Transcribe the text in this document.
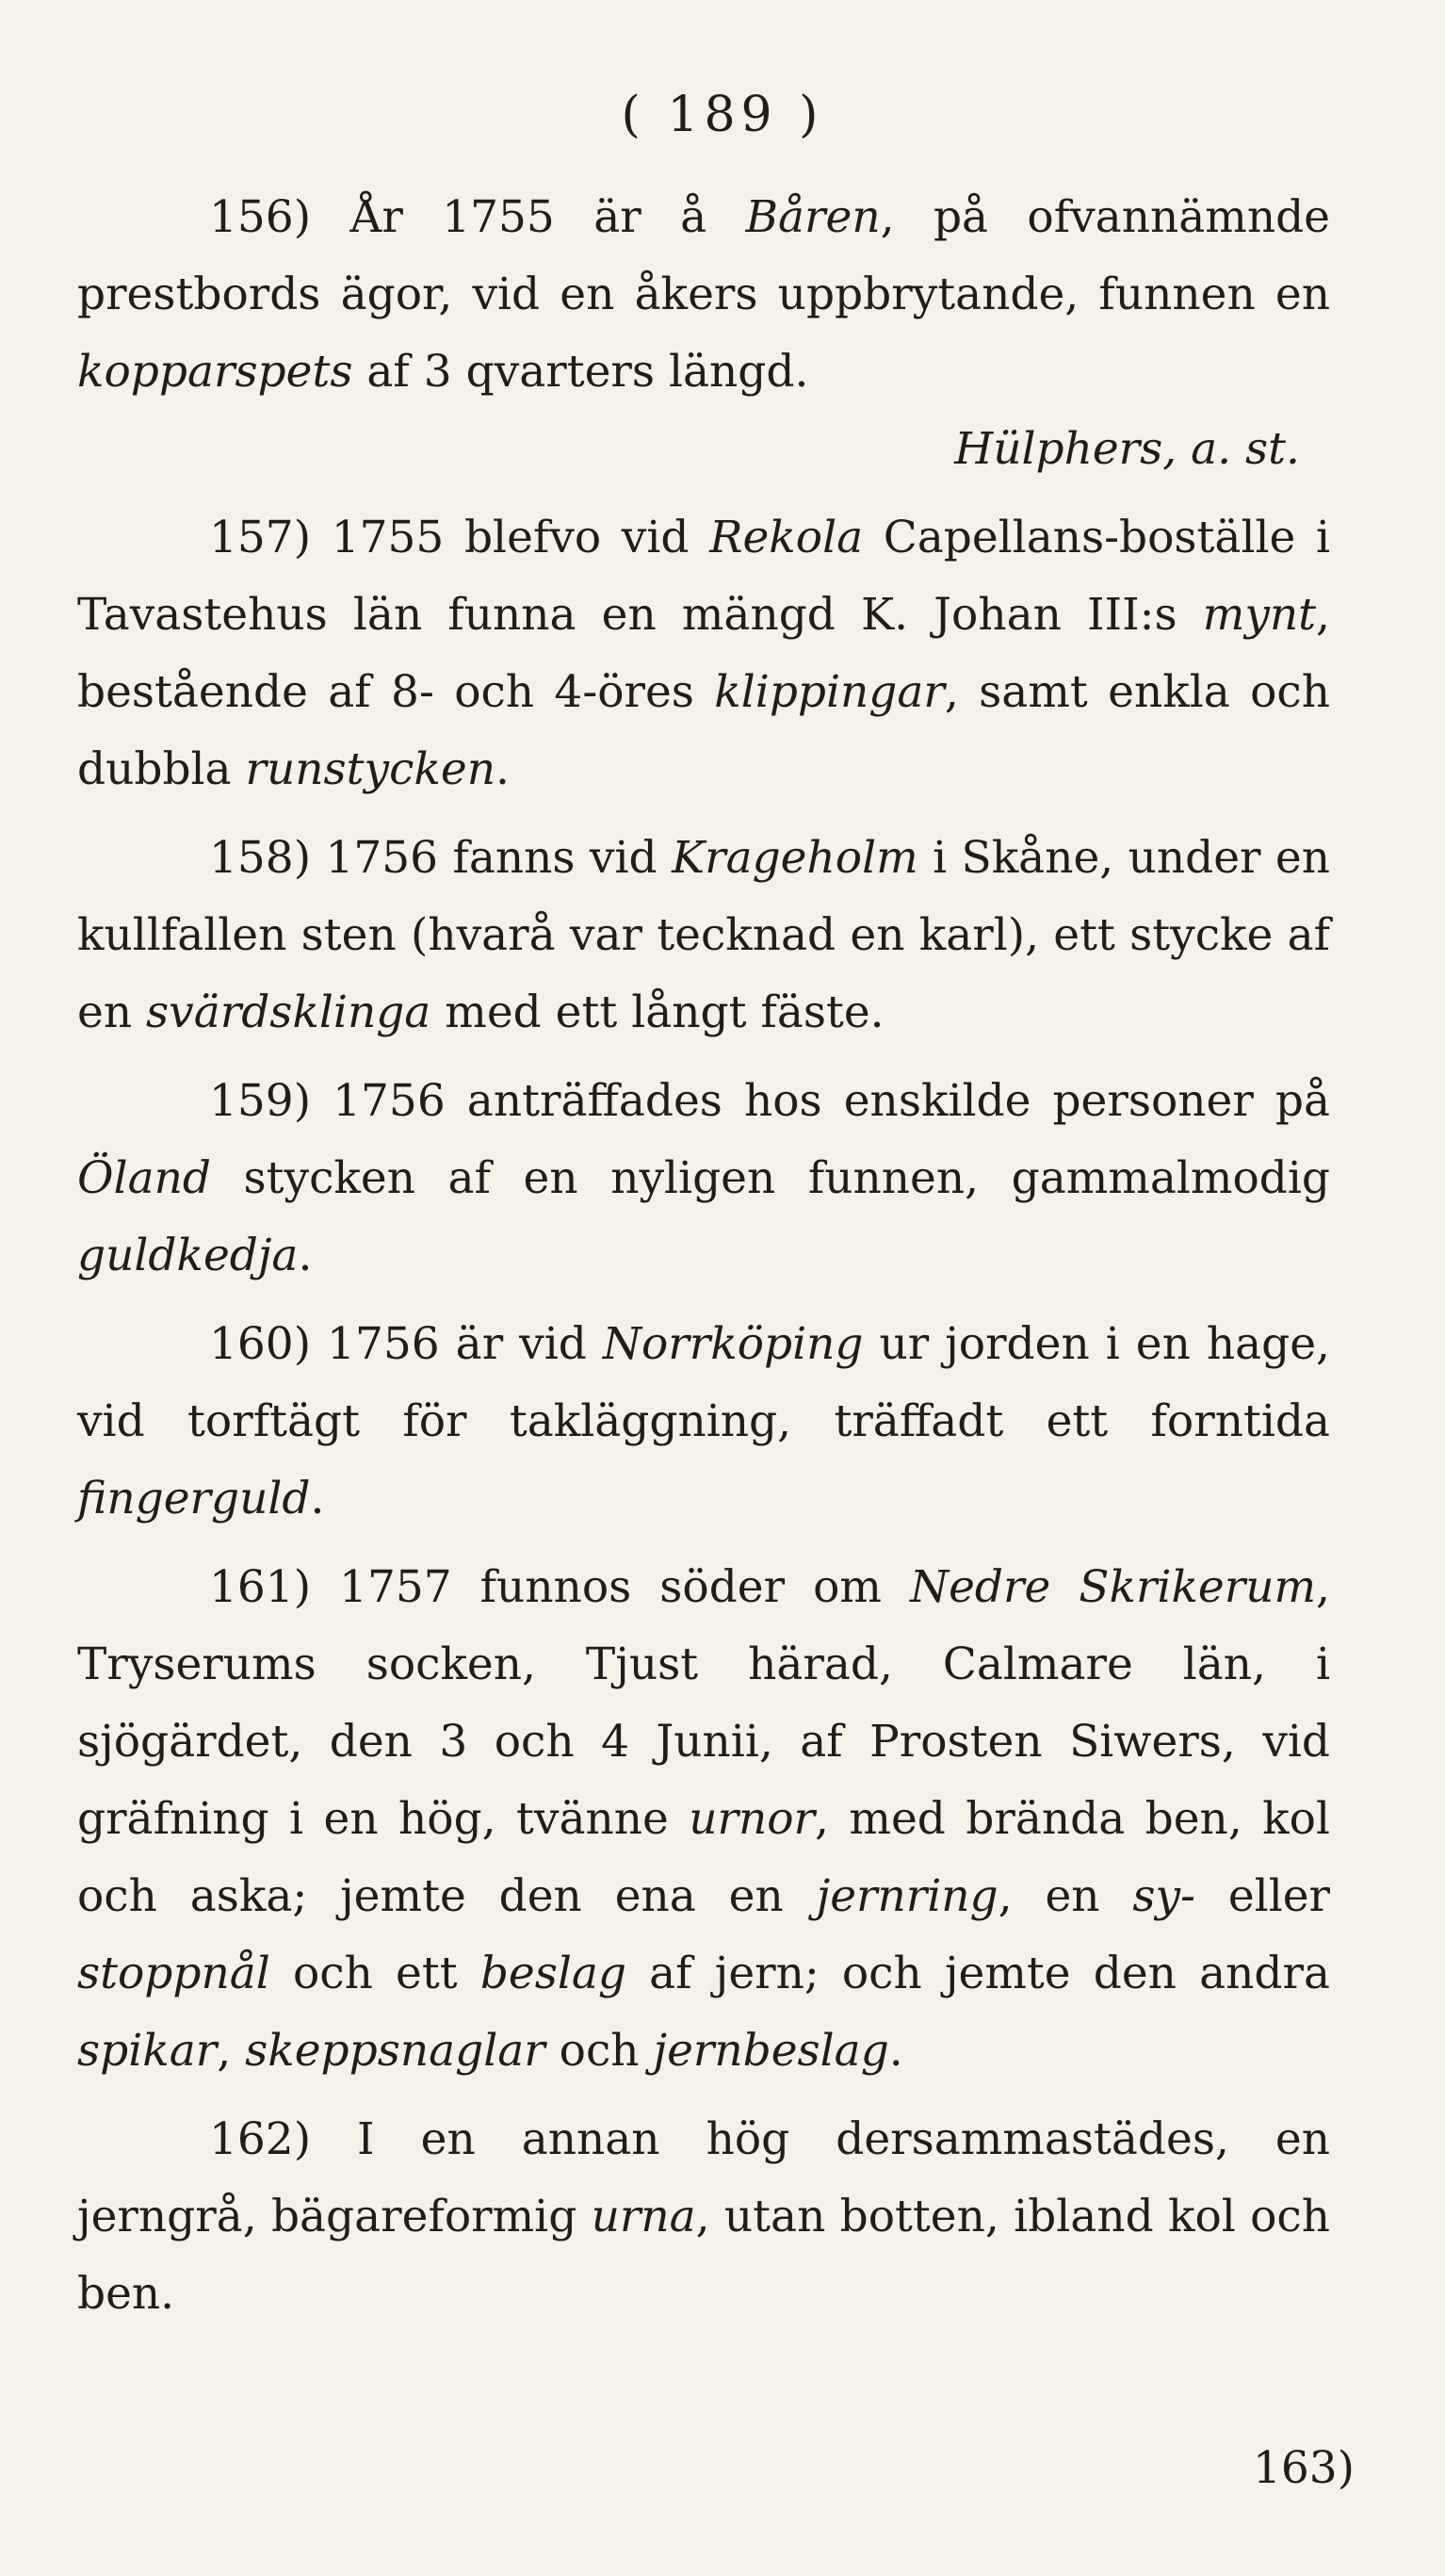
( 189 )

156) År 1755 är å Båren, på ofvannämnde prestbords ägor, vid en åkers uppbrytande, funnen en kopparspets af 3 qvarters längd.

Hülphers, a. st.

157) 1755 blefvo vid Rekola Capellans-boställe i Tavastehus län funna en mängd K. Johan III:s mynt, bestående af 8- och 4-öres klippingar, samt enkla och dubbla runstycken.

158) 1756 fanns vid Krageholm i Skåne, under en kullfallen sten (hvarå var tecknad en karl), ett stycke af en svärdsklinga med ett långt fäste.

159) 1756 anträffades hos enskilde personer på Öland stycken af en nyligen funnen, gammalmodig guldkedja.

160) 1756 är vid Norrköping ur jorden i en hage, vid torftägt för takläggning, träffadt ett forntida fingerguld.

161) 1757 funnos söder om Nedre Skrikerum, Tryserums socken, Tjust härad, Calmare län, i sjögärdet, den 3 och 4 Junii, af Prosten Siwers, vid gräfning i en hög, tvänne urnor, med brända ben, kol och aska; jemte den ena en jernring, en sy- eller stoppnål och ett beslag af jern; och jemte den andra spikar, skeppsnaglar och jernbeslag.

162) I en annan hög dersammastädes, en jerngrå, bägareformig urna, utan botten, ibland kol och ben.

163)
